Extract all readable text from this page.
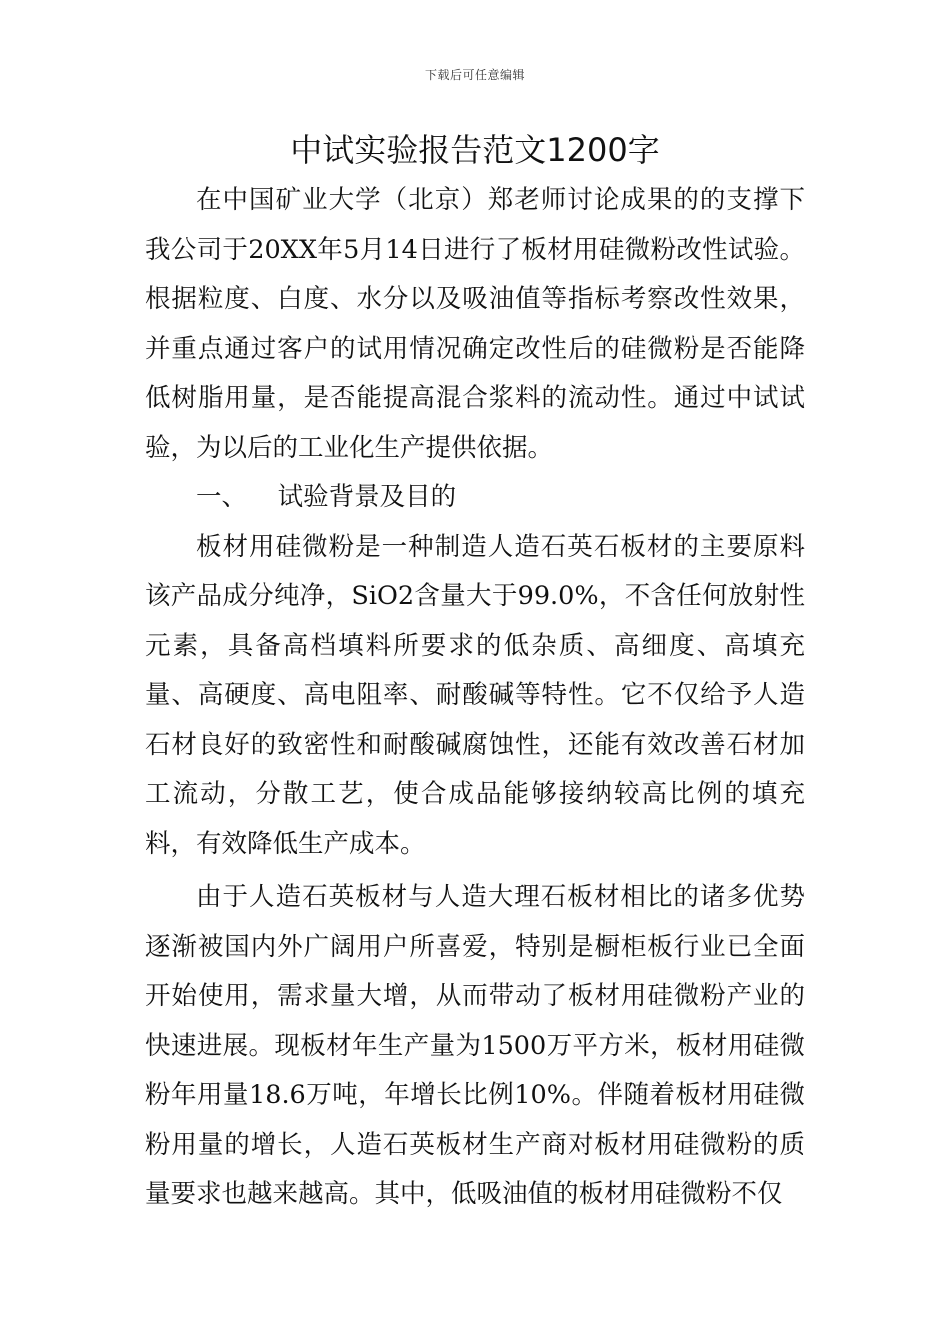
下载后可任意编辑
中试实验报告范文1200字

在中国矿业大学（北京）郑老师讨论成果的的支撑下我公司于20XX年5月14日进行了板材用硅微粉改性试验。根据粒度、白度、水分以及吸油值等指标考察改性效果，并重点通过客户的试用情况确定改性后的硅微粉是否能降低树脂用量，是否能提高混合浆料的流动性。通过中试试验，为以后的工业化生产提供依据。

一、 试验背景及目的

板材用硅微粉是一种制造人造石英石板材的主要原料该产品成分纯净，SiO2含量大于99.0%，不含任何放射性元素，具备高档填料所要求的低杂质、高细度、高填充量、高硬度、高电阻率、耐酸碱等特性。它不仅给予人造石材良好的致密性和耐酸碱腐蚀性，还能有效改善石材加工流动，分散工艺，使合成品能够接纳较高比例的填充料，有效降低生产成本。

由于人造石英板材与人造大理石板材相比的诸多优势逐渐被国内外广阔用户所喜爱，特别是橱柜板行业已全面开始使用，需求量大增，从而带动了板材用硅微粉产业的快速进展。现板材年生产量为1500万平方米，板材用硅微粉年用量18.6万吨，年增长比例10%。伴随着板材用硅微粉用量的增长，人造石英板材生产商对板材用硅微粉的质量要求也越来越高。其中，低吸油值的板材用硅微粉不仅
